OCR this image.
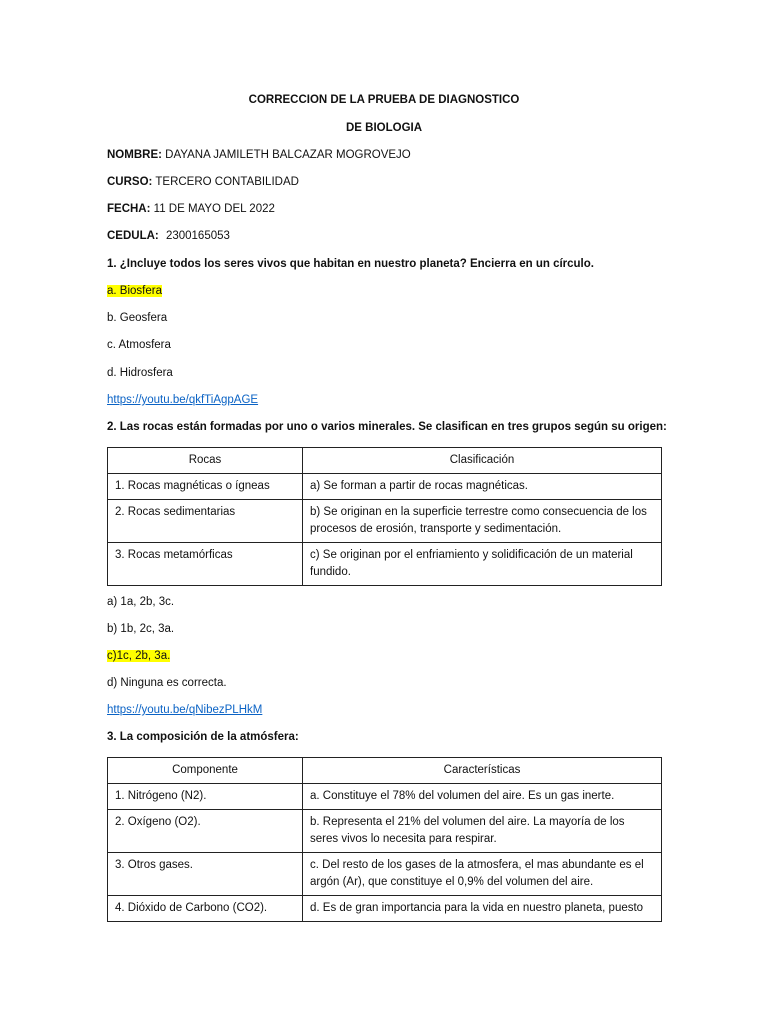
CORRECCION DE LA PRUEBA DE DIAGNOSTICO
DE BIOLOGIA
NOMBRE: DAYANA JAMILETH BALCAZAR MOGROVEJO
CURSO: TERCERO CONTABILIDAD
FECHA: 11 DE MAYO DEL 2022
CEDULA: 2300165053
1. ¿Incluye todos los seres vivos que habitan en nuestro planeta? Encierra en un círculo.
a. Biosfera
b. Geosfera
c. Atmosfera
d. Hidrosfera
https://youtu.be/qkfTiAgpAGE
2. Las rocas están formadas por uno o varios minerales. Se clasifican en tres grupos según su origen:
Rocas	Clasificación
1. Rocas magnéticas o ígneas	a) Se forman a partir de rocas magnéticas.
2. Rocas sedimentarias	b) Se originan en la superficie terrestre como consecuencia de los procesos de erosión, transporte y sedimentación.
3. Rocas metamórficas	c) Se originan por el enfriamiento y solidificación de un material fundido.
a) 1a, 2b, 3c.
b) 1b, 2c, 3a.
c)1c, 2b, 3a.
d) Ninguna es correcta.
https://youtu.be/qNibezPLHkM
3. La composición de la atmósfera:
Componente	Características
1. Nitrógeno (N2).	a. Constituye el 78% del volumen del aire. Es un gas inerte.
2. Oxígeno (O2).	b. Representa el 21% del volumen del aire. La mayoría de los seres vivos lo necesita para respirar.
3. Otros gases.	c. Del resto de los gases de la atmosfera, el mas abundante es el argón (Ar), que constituye el 0,9% del volumen del aire.
4. Dióxido de Carbono (CO2).	d. Es de gran importancia para la vida en nuestro planeta, puesto
